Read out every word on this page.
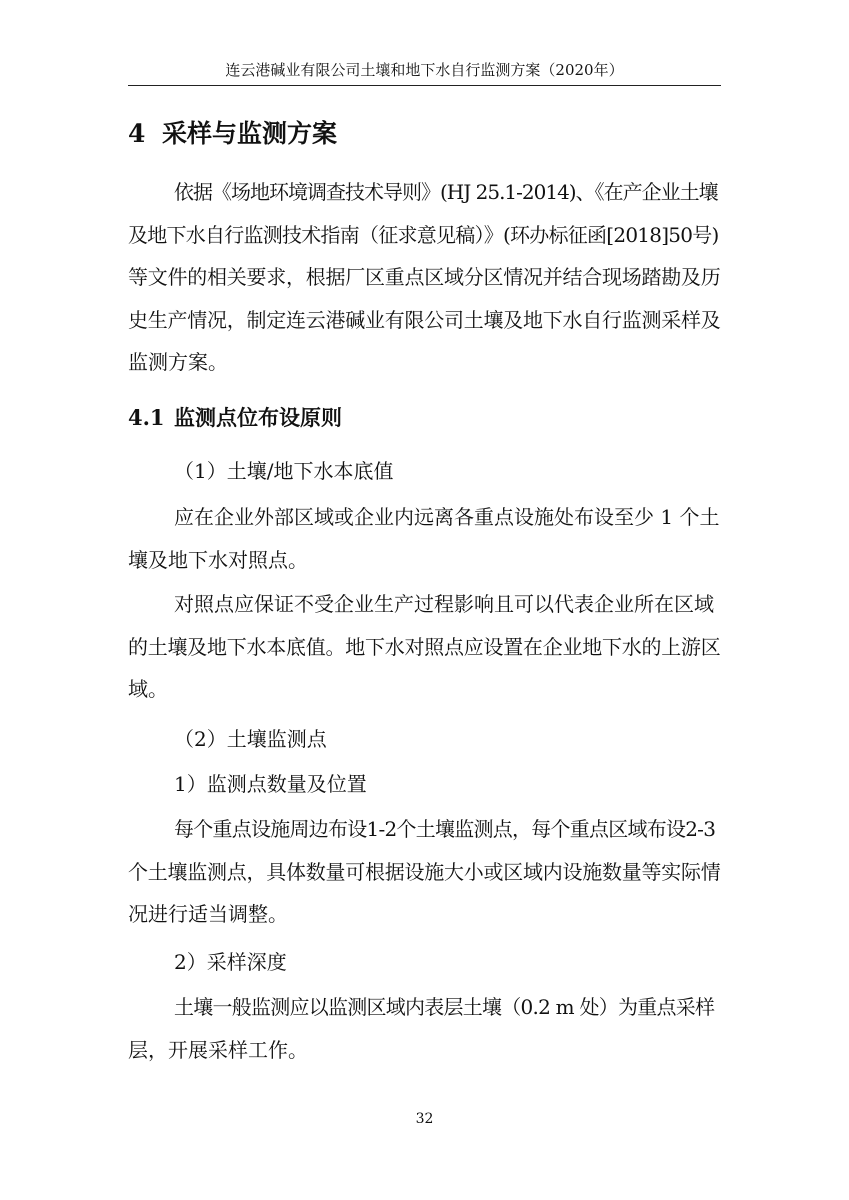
连云港碱业有限公司土壤和地下水自行监测方案（2020年）
4 采样与监测方案
依据《场地环境调查技术导则》(HJ 25.1-2014)、《在产企业土壤
及地下水自行监测技术指南（征求意见稿）》(环办标征函[2018]50号)
等文件的相关要求，根据厂区重点区域分区情况并结合现场踏勘及历
史生产情况，制定连云港碱业有限公司土壤及地下水自行监测采样及
监测方案。
4.1 监测点位布设原则
（1）土壤/地下水本底值
应在企业外部区域或企业内远离各重点设施处布设至少 1 个土
壤及地下水对照点。
对照点应保证不受企业生产过程影响且可以代表企业所在区域
的土壤及地下水本底值。地下水对照点应设置在企业地下水的上游区
域。
（2）土壤监测点
1）监测点数量及位置
每个重点设施周边布设1-2个土壤监测点，每个重点区域布设2-3
个土壤监测点，具体数量可根据设施大小或区域内设施数量等实际情
况进行适当调整。
2）采样深度
土壤一般监测应以监测区域内表层土壤（0.2 m 处）为重点采样
层，开展采样工作。
32
